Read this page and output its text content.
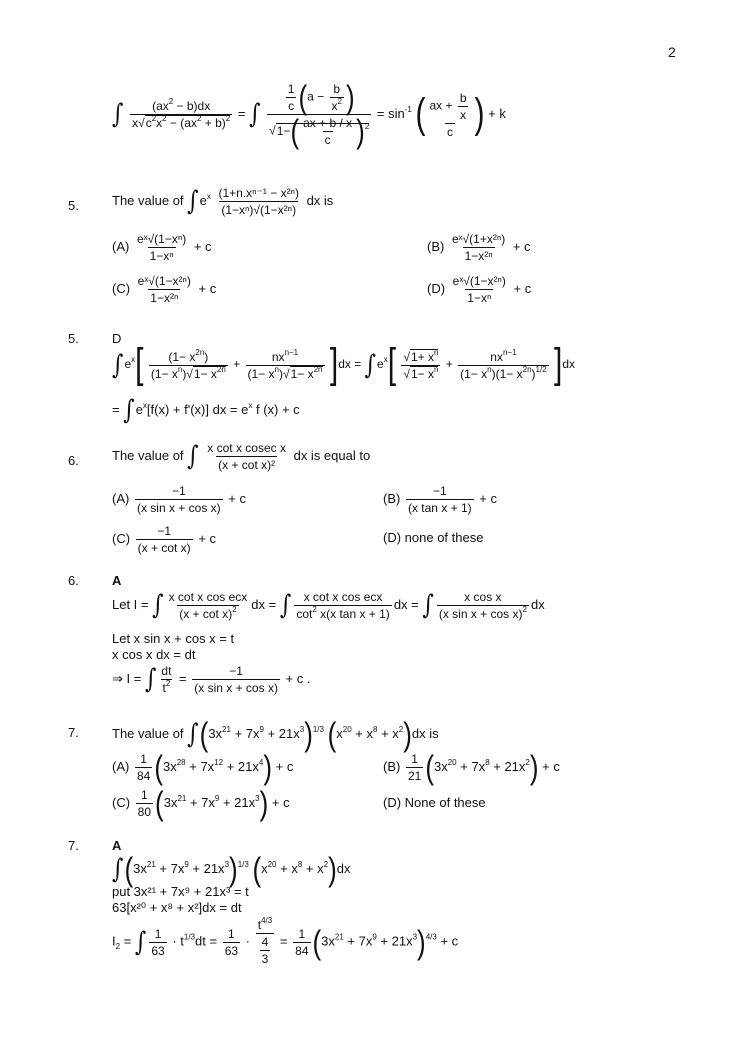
2
∫ $\frac{(ax^2 - b)dx}{x√c^2x^2 - (ax^2 + b)^2}$ = ∫ $\frac{\frac{1}{c} (a - \frac{b}{x^2} )}{√1-( \frac{ax + b / x}{c} )^2} = \sin^{-1}$ ( $\frac{ax + \frac{b}{x}}{c}$ ) + k
5.	The value of $\int e^x \frac{\text{(1+n.xⁿ⁻¹ − x²ⁿ)}}{\text{(1−xⁿ)√(1−x²ⁿ)}}$ dx is
$(A) \frac{\text{eˣ√(1−xⁿ)}}{\text{1−xⁿ}} + c$	$(B) \frac{\text{eˣ√(1+x²ⁿ)}}{\text{1−x²ⁿ}} + c$
$(C) \frac{\text{eˣ√(1−x²ⁿ)}}{\text{1−x²ⁿ}} + c$	$(D) \frac{\text{eˣ√(1−x²ⁿ)}}{\text{1−xⁿ}} + c$
5.	D
$\int e^x[ \frac{(1- x^{2n})}{(1- x^n)√1- x^{2n}} + \frac{nx^{n-1}}{(1- x^n)√1- x^{2n}} ]dx = \int e^x[ \frac{√1+ x^n}{√1- x^n} + \frac{nx^{n-1}}{(1- x^n)(1- x^{2n})^{1/2}} ]dx$
= $\int e^x[f(x) + f'(x)]$ dx = $e^x$ f (x) + c
6.	The value of ∫ $\frac{\text{x cot x cosec x}}{\text{(x + cot x)²}}$ dx is equal to
$(A) \frac{-1}{\text{(x sin x + cos x)}} + c$	$(B) \frac{-1}{\text{(x tan x + 1)}} + c$
$(C) \frac{-1}{\text{(x + cot x)}} + c$	(D) none of these
6.	A
Let I = ∫ $\frac{\text{x cot x cos ecx}}{(x + \cot x)^2}$ dx = ∫ $\frac{\text{x cot x cos ecx}}{\cot^2 x(x \tan x + 1)}$ dx = ∫ $\frac{\text{x cos x}}{(x \sin x + \cos x)^2}$ dx
Let x sin x + cos x = t
x cos x dx = dt
⇒ I = ∫ $\frac{dt}{t^2} = \frac{-1}{\text{(x sin x + cos x)}} + c$ .
7.	The value of $\int(3x^{21} + 7x^9 + 21x^3)^{1/3}$ $(x^{20} + x^8 + x^2)dx$ is
$(A) \frac{1}{84} (3x^{28} + 7x^{12} + 21x^4) + c$	$(B) \frac{1}{21} (3x^{20} + 7x^8 + 21x^2) + c$
$(C) \frac{1}{80} (3x^{21} + 7x^9 + 21x^3) + c$	(D) None of these
7.	A
$\int(3x^{21} + 7x^9 + 21x^3)^{1/3}$ $(x^{20} + x^8 + x^2)dx$
put 3x²¹ + 7x⁹ + 21x³ = t
63[x²⁰ + x⁸ + x²]dx = dt
$I_2$ = ∫ $\frac{1}{63} \cdot t^{1/3}dt = \frac{1}{63} \cdot \frac{t^{4/3}}{\frac{4}{3}} = \frac{1}{84} (3x^{21} + 7x^9 + 21x^3)^{4/3} + c$
